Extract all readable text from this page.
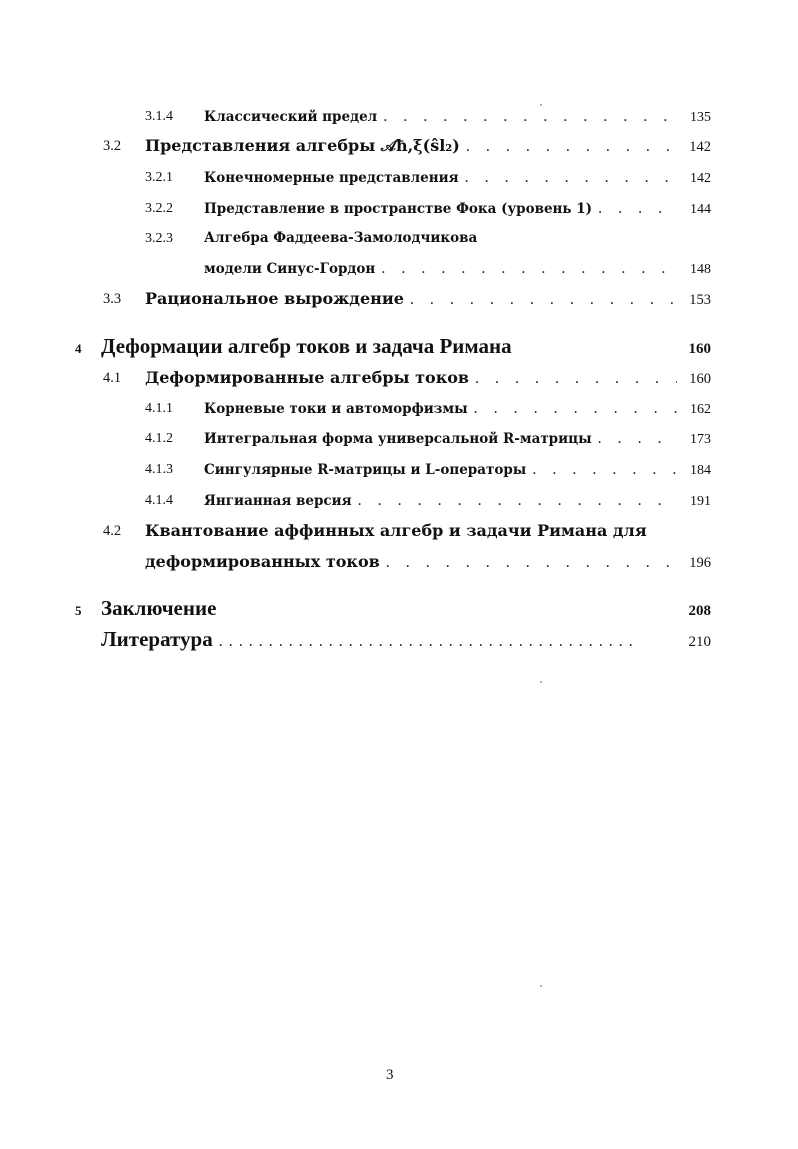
3.1.4 Классический предел . . .	135
3.2 Представления алгебры 𝒜ħ,ξ(ŝl₂) . . .	142
3.2.1 Конечномерные представления . . .	142
3.2.2 Представление в пространстве Фока (уровень 1) . . .	144
3.2.3 Алгебра Фаддеева-Замолодчикова
модели Синус-Гордон . . .	148
3.3 Рациональное вырождение . . .	153
4 Деформации алгебр токов и задача Римана	160
4.1 Деформированные алгебры токов . . .	160
4.1.1 Корневые токи и автоморфизмы . . .	162
4.1.2 Интегральная форма универсальной R-матрицы . . .	173
4.1.3 Сингулярные R-матрицы и L-операторы . . .	184
4.1.4 Янгианная версия . . .	191
4.2 Квантование аффинных алгебр и задачи Римана для
деформированных токов . . .	196
5 Заключение	208
Литература . . .	210
3
